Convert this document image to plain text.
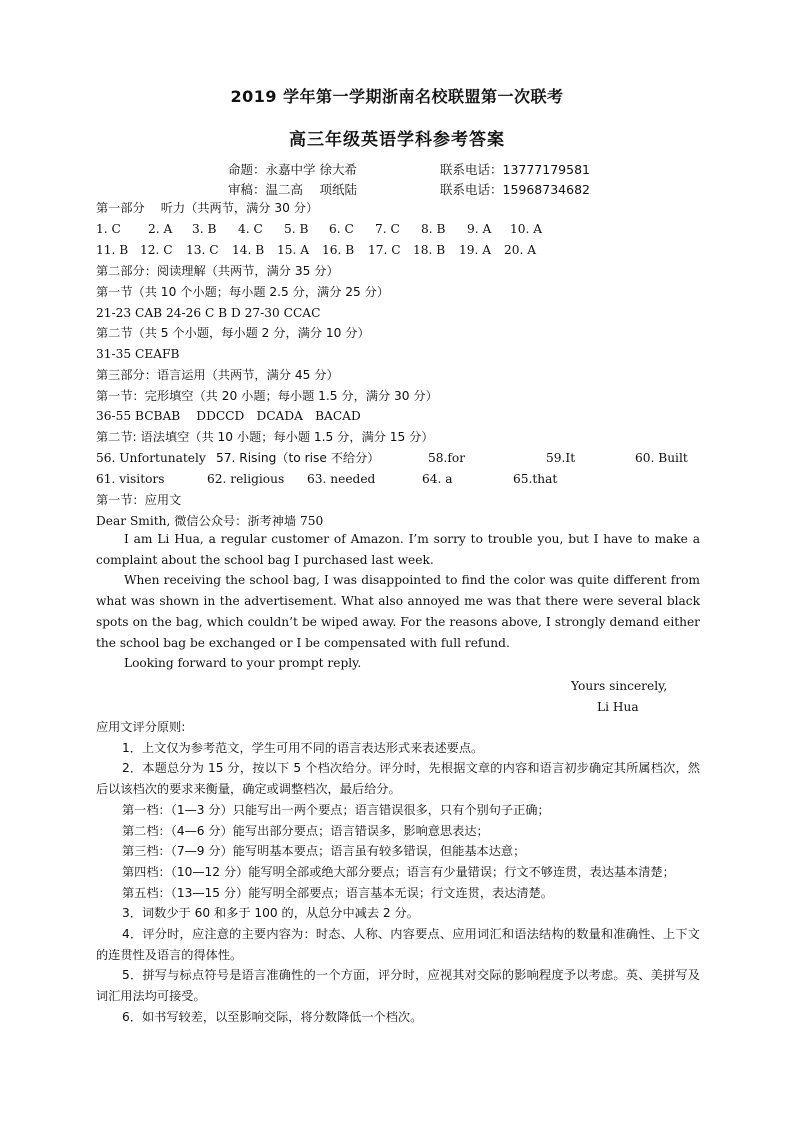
2019 学年第一学期浙南名校联盟第一次联考
高三年级英语学科参考答案
命题：永嘉中学 徐大希	联系电话：13777179581
审稿：温二高　 项纸陆	联系电话：15968734682
第一部分　 听力（共两节，满分 30 分）
1. C 2. A 3. B 4. C 5. B 6. C 7. C 8. B 9. A 10. A
11. B 12. C 13. C 14. B 15. A 16. B 17. C 18. B 19. A 20. A
第二部分：阅读理解（共两节，满分 35 分）
第一节（共 10 个小题；每小题 2.5 分，满分 25 分）
21-23 CAB 24-26 C B D 27-30 CCAC
第二节（共 5 个小题，每小题 2 分，满分 10 分）
31-35 CEAFB
第三部分：语言运用（共两节，满分 45 分）
第一节：完形填空（共 20 小题；每小题 1.5 分，满分 30 分）
36-55 BCBAB　 DDCCD　DCADA　BACAD
第二节: 语法填空（共 10 小题；每小题 1.5 分，满分 15 分）
56. Unfortunately 57. Rising（to rise 不给分）	58.for	59.It	60. Built
61. visitors	62. religious 63. needed	64. a	65.that
第一节：应用文
Dear Smith, 微信公众号：浙考神墙 750

I am Li Hua, a regular customer of Amazon. I’m sorry to trouble you, but I have to make a complaint about the school bag I purchased last week.

When receiving the school bag, I was disappointed to find the color was quite different from what was shown in the advertisement. What also annoyed me was that there were several black spots on the bag, which couldn’t be wiped away. For the reasons above, I strongly demand either the school bag be exchanged or I be compensated with full refund.

Looking forward to your prompt reply.

Yours sincerely,
Li Hua

应用文评分原则:

1．上文仅为参考范文，学生可用不同的语言表达形式来表述要点。

2．本题总分为 15 分，按以下 5 个档次给分。评分时，先根据文章的内容和语言初步确定其所属档次，然后以该档次的要求来衡量，确定或调整档次，最后给分。

第一档：（1—3 分）只能写出一两个要点；语言错误很多，只有个别句子正确；

第二档：（4—6 分）能写出部分要点；语言错误多，影响意思表达；

第三档：（7—9 分）能写明基本要点；语言虽有较多错误，但能基本达意；

第四档：（10—12 分）能写明全部或绝大部分要点；语言有少量错误；行文不够连贯，表达基本清楚；

第五档：（13—15 分）能写明全部要点；语言基本无误；行文连贯，表达清楚。

3．词数少于 60 和多于 100 的，从总分中减去 2 分。

4．评分时，应注意的主要内容为：时态、人称、内容要点、应用词汇和语法结构的数量和准确性、上下文的连贯性及语言的得体性。

5．拼写与标点符号是语言准确性的一个方面，评分时，应视其对交际的影响程度予以考虑。英、美拼写及词汇用法均可接受。

6．如书写较差，以至影响交际，将分数降低一个档次。
